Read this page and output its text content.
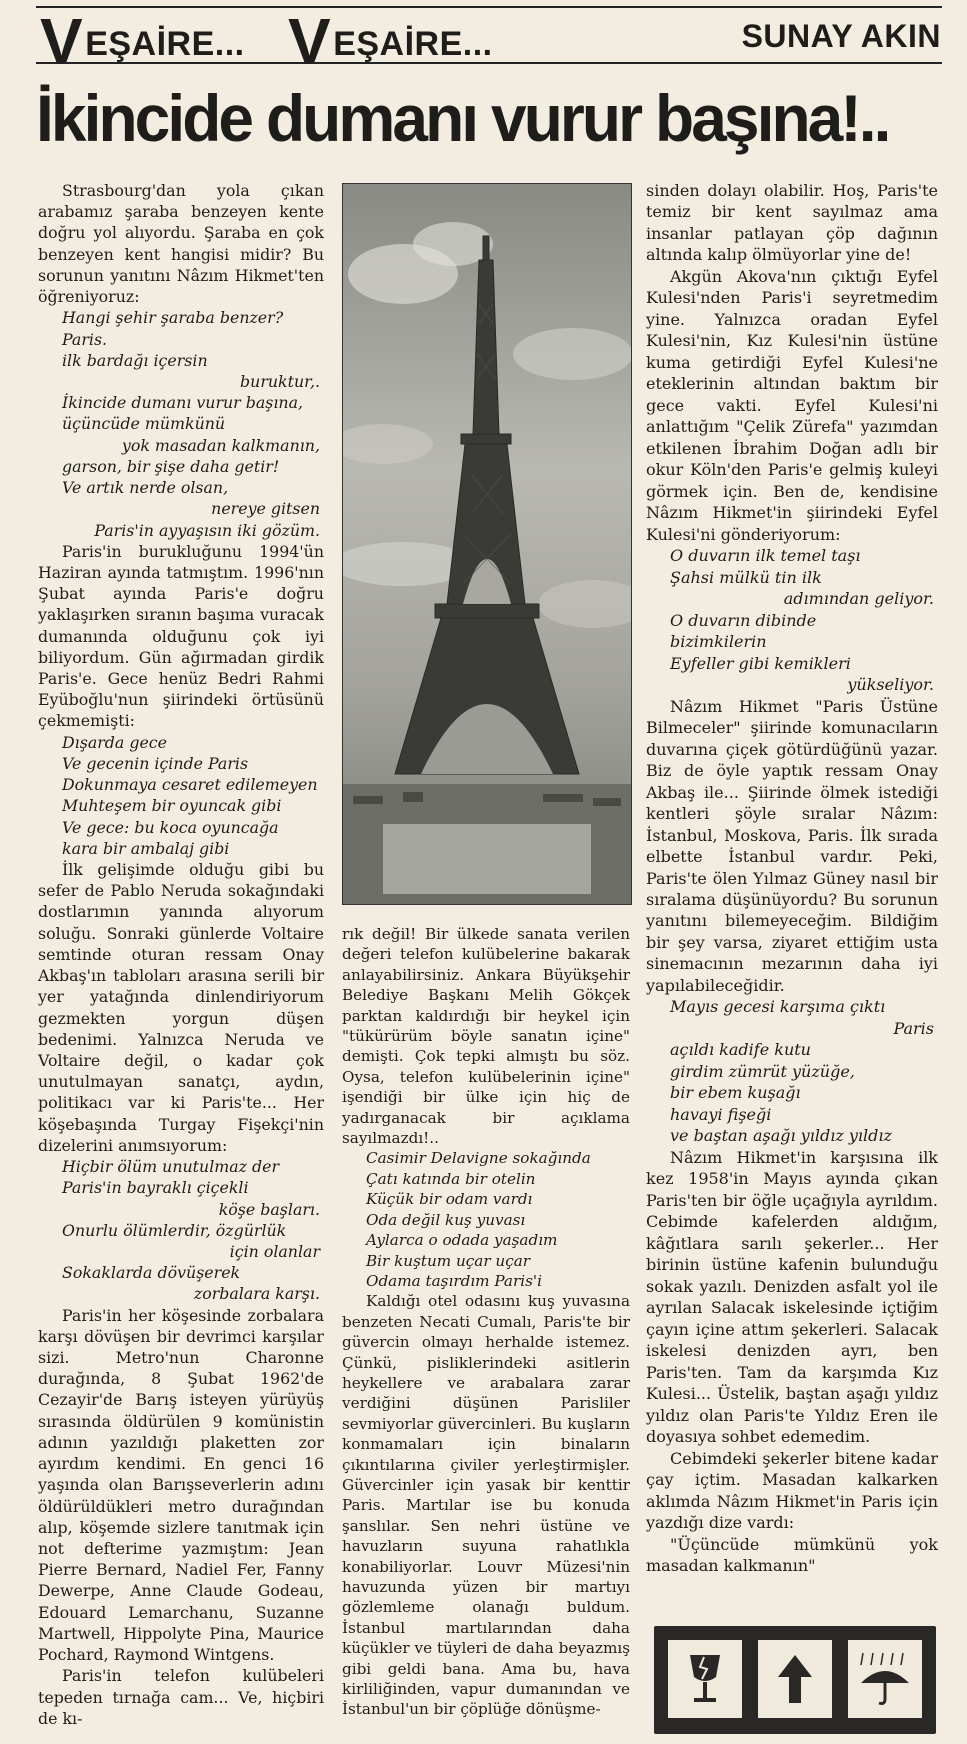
VEŞAİRE... VEŞAİRE...	SUNAY AKIN
İkincide dumanı vurur başına!..

Strasbourg'dan yola çıkan arabamız şaraba benzeyen kente doğru yol alıyordu. Şaraba en çok benzeyen kent hangisi midir? Bu sorunun yanıtını Nâzım Hikmet'ten öğreniyoruz:

Hangi şehir şaraba benzer?
Paris.
ilk bardağı içersin
buruktur,.
İkincide dumanı vurur başına,
üçüncüde mümkünü
yok masadan kalkmanın,
garson, bir şişe daha getir!
Ve artık nerde olsan,
nereye gitsen
Paris'in ayyaşısın iki gözüm.

Paris'in burukluğunu 1994'ün Haziran ayında tatmıştım. 1996'nın Şubat ayında Paris'e doğru yaklaşırken sıranın başıma vuracak dumanında olduğunu çok iyi biliyordum. Gün ağırmadan girdik Paris'e. Gece henüz Bedri Rahmi Eyüboğlu'nun şiirindeki örtüsünü çekmemişti:

Dışarda gece
Ve gecenin içinde Paris
Dokunmaya cesaret edilemeyen
Muhteşem bir oyuncak gibi
Ve gece: bu koca oyuncağa
kara bir ambalaj gibi

İlk gelişimde olduğu gibi bu sefer de Pablo Neruda sokağındaki dostlarımın yanında alıyorum soluğu. Sonraki günlerde Voltaire semtinde oturan ressam Onay Akbaş'ın tabloları arasına serili bir yer yatağında dinlendiriyorum gezmekten yorgun düşen bedenimi. Yalnızca Neruda ve Voltaire değil, o kadar çok unutulmayan sanatçı, aydın, politikacı var ki Paris'te... Her köşebaşında Turgay Fişekçi'nin dizelerini anımsıyorum:

Hiçbir ölüm unutulmaz der
Paris'in bayraklı çiçekli
köşe başları.
Onurlu ölümlerdir, özgürlük
için olanlar
Sokaklarda dövüşerek
zorbalara karşı.

Paris'in her köşesinde zorbalara karşı dövüşen bir devrimci karşılar sizi. Metro'nun Charonne durağında, 8 Şubat 1962'de Cezayir'de Barış isteyen yürüyüş sırasında öldürülen 9 komünistin adının yazıldığı plaketten zor ayırdım kendimi. En genci 16 yaşında olan Barışseverlerin adını öldürüldükleri metro durağından alıp, köşemde sizlere tanıtmak için not defterime yazmıştım: Jean Pierre Bernard, Nadiel Fer, Fanny Dewerpe, Anne Claude Godeau, Edouard Lemarchanu, Suzanne Martwell, Hippolyte Pina, Maurice Pochard, Raymond Wintgens.

Paris'in telefon kulübeleri tepeden tırnağa cam... Ve, hiçbiri de kı-

rık değil! Bir ülkede sanata verilen değeri telefon kulübelerine bakarak anlayabilirsiniz. Ankara Büyükşehir Belediye Başkanı Melih Gökçek parktan kaldırdığı bir heykel için "tükürürüm böyle sanatın içine" demişti. Çok tepki almıştı bu söz. Oysa, telefon kulübelerinin içine" işendiği bir ülke için hiç de yadırganacak bir açıklama sayılmazdı!..

Casimir Delavigne sokağında
Çatı katında bir otelin
Küçük bir odam vardı
Oda değil kuş yuvası
Aylarca o odada yaşadım
Bir kuştum uçar uçar
Odama taşırdım Paris'i

Kaldığı otel odasını kuş yuvasına benzeten Necati Cumalı, Paris'te bir güvercin olmayı herhalde istemez. Çünkü, pisliklerindeki asitlerin heykellere ve arabalara zarar verdiğini düşünen Parisliler sevmiyorlar güvercinleri. Bu kuşların konmamaları için binaların çıkıntılarına çiviler yerleştirmişler. Güvercinler için yasak bir kenttir Paris. Martılar ise bu konuda şanslılar. Sen nehri üstüne ve havuzların suyuna rahatlıkla konabiliyorlar. Louvr Müzesi'nin havuzunda yüzen bir martıyı gözlemleme olanağı buldum. İstanbul martılarından daha küçükler ve tüyleri de daha beyazmış gibi geldi bana. Ama bu, hava kirliliğinden, vapur dumanından ve İstanbul'un bir çöplüğe dönüşme-

sinden dolayı olabilir. Hoş, Paris'te temiz bir kent sayılmaz ama insanlar patlayan çöp dağının altında kalıp ölmüyorlar yine de!

Akgün Akova'nın çıktığı Eyfel Kulesi'nden Paris'i seyretmedim yine. Yalnızca oradan Eyfel Kulesi'nin, Kız Kulesi'nin üstüne kuma getirdiği Eyfel Kulesi'ne eteklerinin altından baktım bir gece vakti. Eyfel Kulesi'ni anlattığım "Çelik Zürefa" yazımdan etkilenen İbrahim Doğan adlı bir okur Köln'den Paris'e gelmiş kuleyi görmek için. Ben de, kendisine Nâzım Hikmet'in şiirindeki Eyfel Kulesi'ni gönderiyorum:

O duvarın ilk temel taşı
Şahsi mülkü tin ilk
adımından geliyor.
O duvarın dibinde
bizimkilerin
Eyfeller gibi kemikleri
yükseliyor.

Nâzım Hikmet "Paris Üstüne Bilmeceler" şiirinde komunacıların duvarına çiçek götürdüğünü yazar. Biz de öyle yaptık ressam Onay Akbaş ile... Şiirinde ölmek istediği kentleri şöyle sıralar Nâzım: İstanbul, Moskova, Paris. İlk sırada elbette İstanbul vardır. Peki, Paris'te ölen Yılmaz Güney nasıl bir sıralama düşünüyordu? Bu sorunun yanıtını bilemeyeceğim. Bildiğim bir şey varsa, ziyaret ettiğim usta sinemacının mezarının daha iyi yapılabileceğidir.

Mayıs gecesi karşıma çıktı
Paris
açıldı kadife kutu
girdim zümrüt yüzüğe,
bir ebem kuşağı
havayi fişeği
ve baştan aşağı yıldız yıldız

Nâzım Hikmet'in karşısına ilk kez 1958'in Mayıs ayında çıkan Paris'ten bir öğle uçağıyla ayrıldım. Cebimde kafelerden aldığım, kâğıtlara sarılı şekerler... Her birinin üstüne kafenin bulunduğu sokak yazılı. Denizden asfalt yol ile ayrılan Salacak iskelesinde içtiğim çayın içine attım şekerleri. Salacak iskelesi denizden ayrı, ben Paris'ten. Tam da karşımda Kız Kulesi... Üstelik, baştan aşağı yıldız yıldız olan Paris'te Yıldız Eren ile doyasıya sohbet edemedim.

Cebimdeki şekerler bitene kadar çay içtim. Masadan kalkarken aklımda Nâzım Hikmet'in Paris için yazdığı dize vardı:

"Üçüncüde mümkünü yok masadan kalkmanın"
